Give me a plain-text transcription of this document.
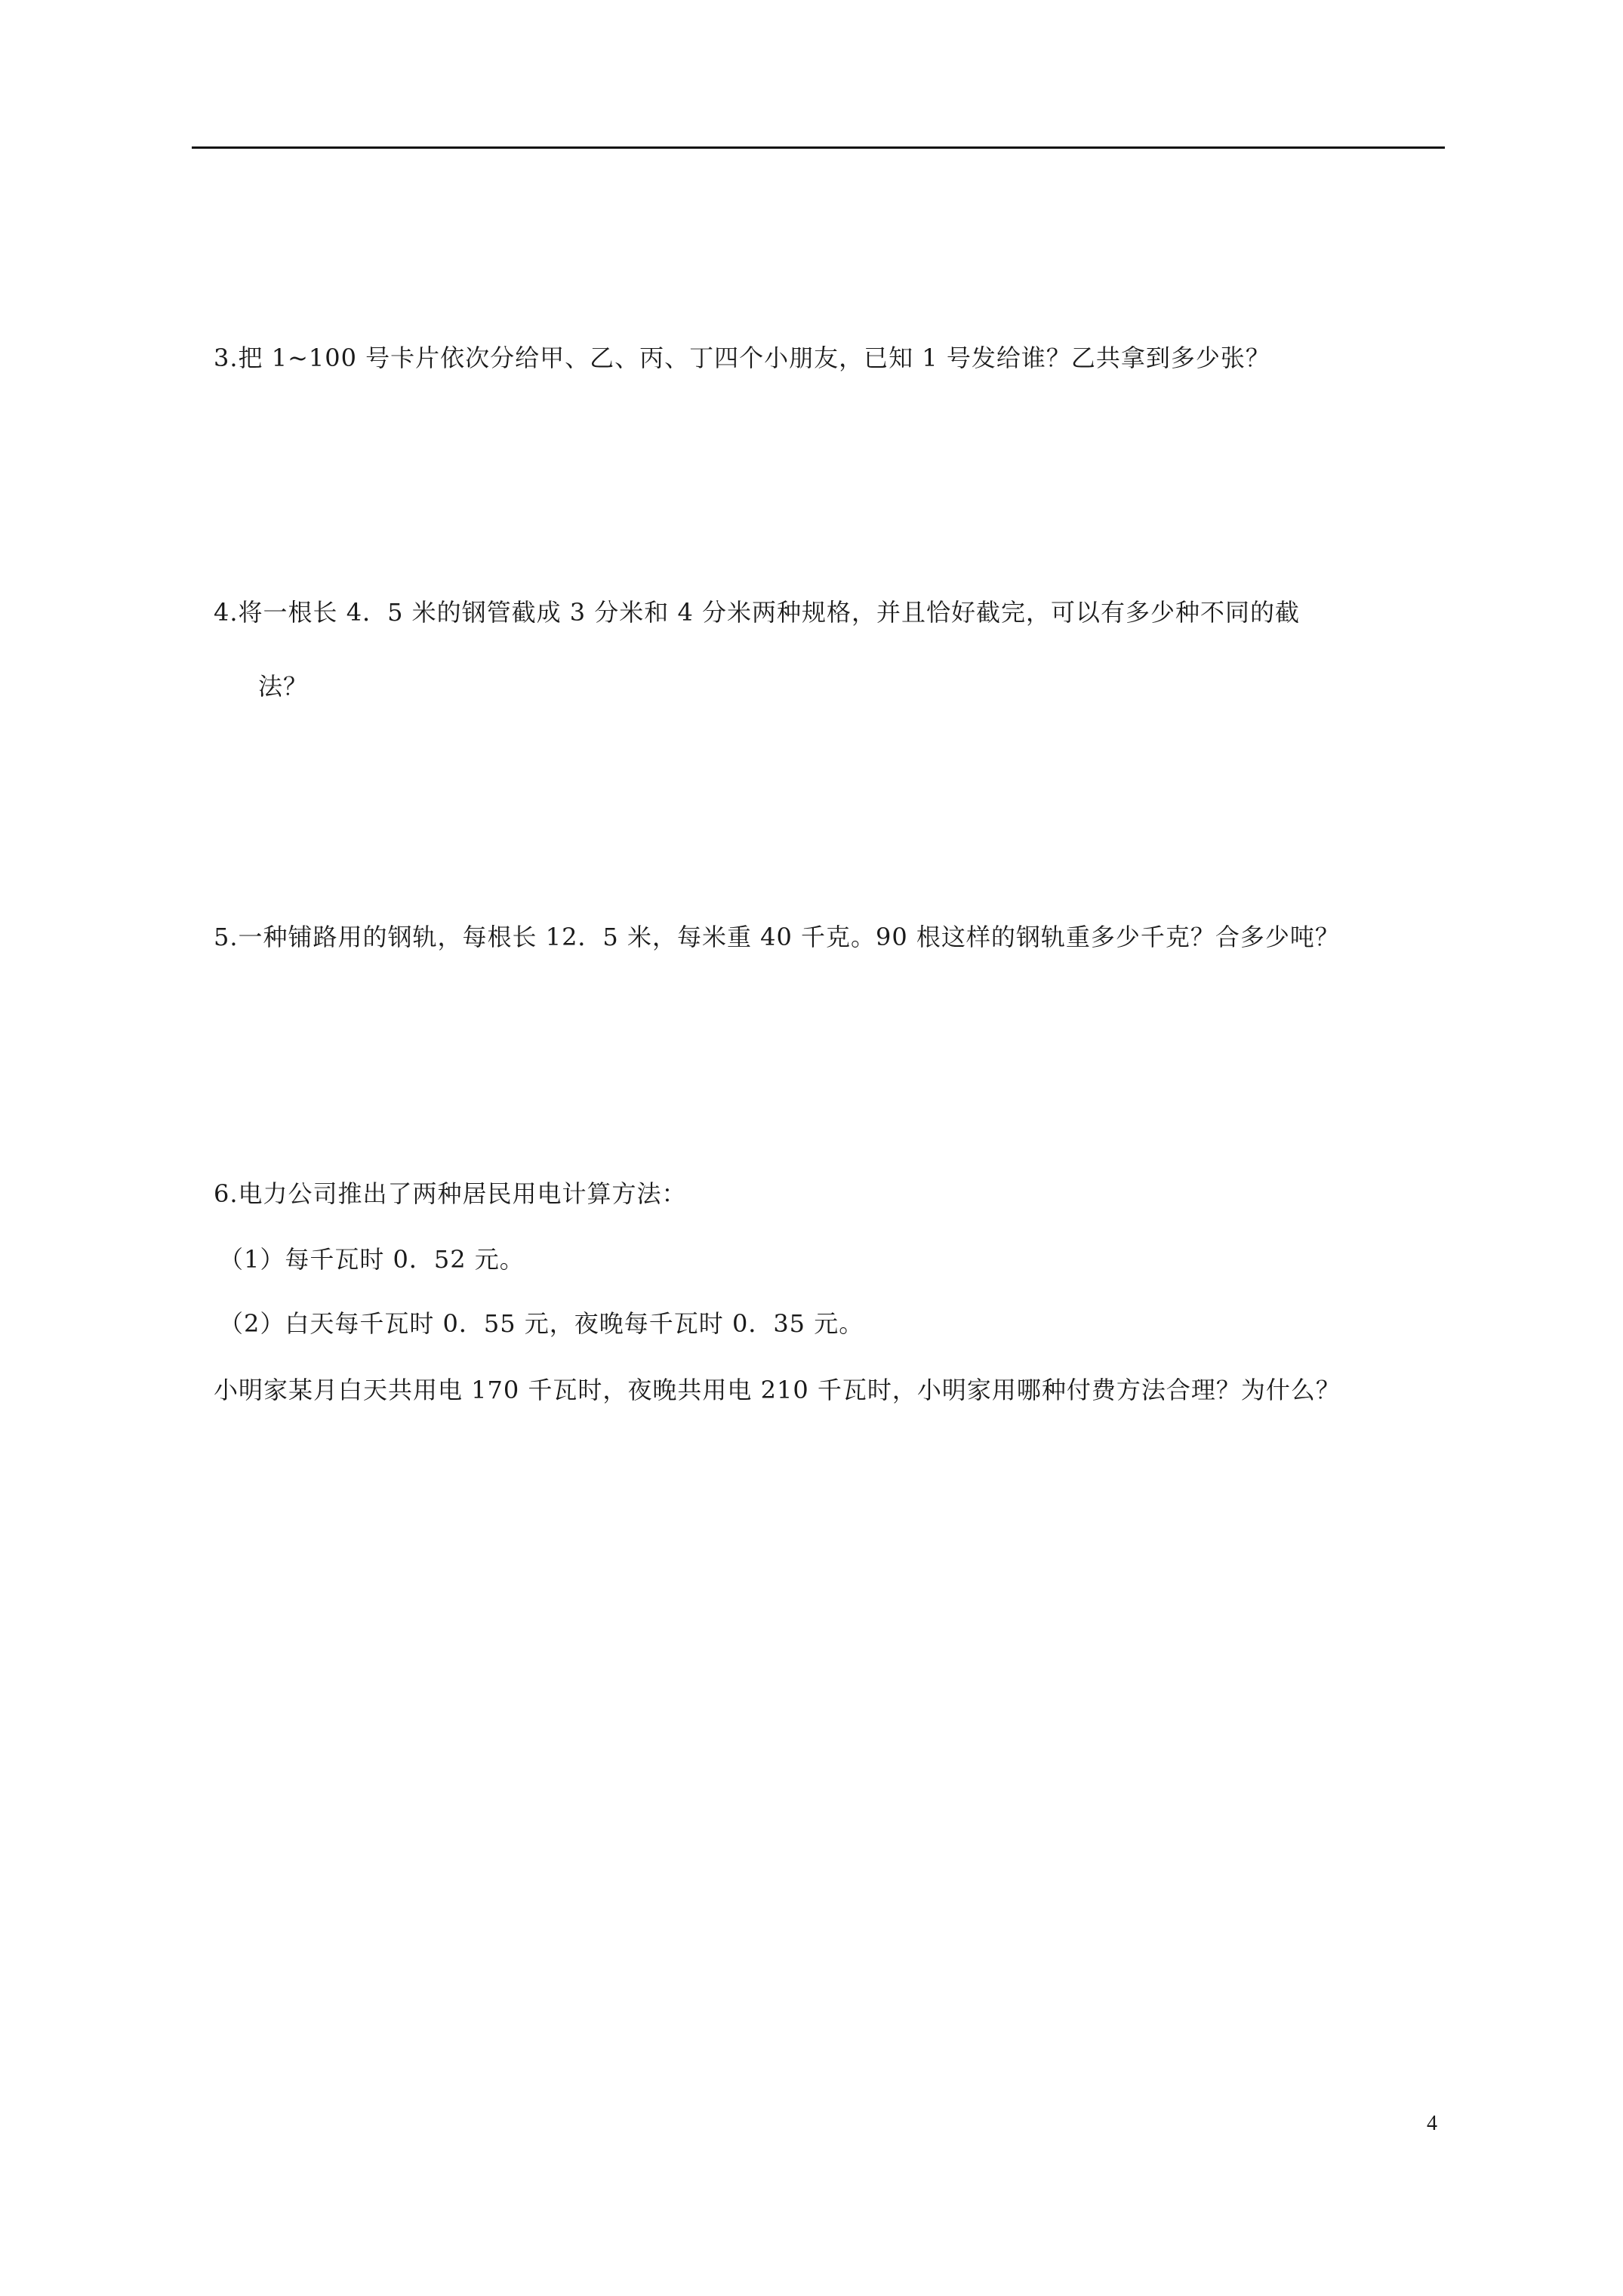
3.把 1~100 号卡片依次分给甲、乙、丙、丁四个小朋友，已知 1 号发给谁？乙共拿到多少张？
4.将一根长 4．5 米的钢管截成 3 分米和 4 分米两种规格，并且恰好截完，可以有多少种不同的截
法？
5.一种铺路用的钢轨，每根长 12．5 米，每米重 40 千克。90 根这样的钢轨重多少千克？合多少吨？
6.电力公司推出了两种居民用电计算方法：
（1）每千瓦时 0．52 元。
（2）白天每千瓦时 0．55 元，夜晚每千瓦时 0．35 元。
小明家某月白天共用电 170 千瓦时，夜晚共用电 210 千瓦时，小明家用哪种付费方法合理？为什么？
4
